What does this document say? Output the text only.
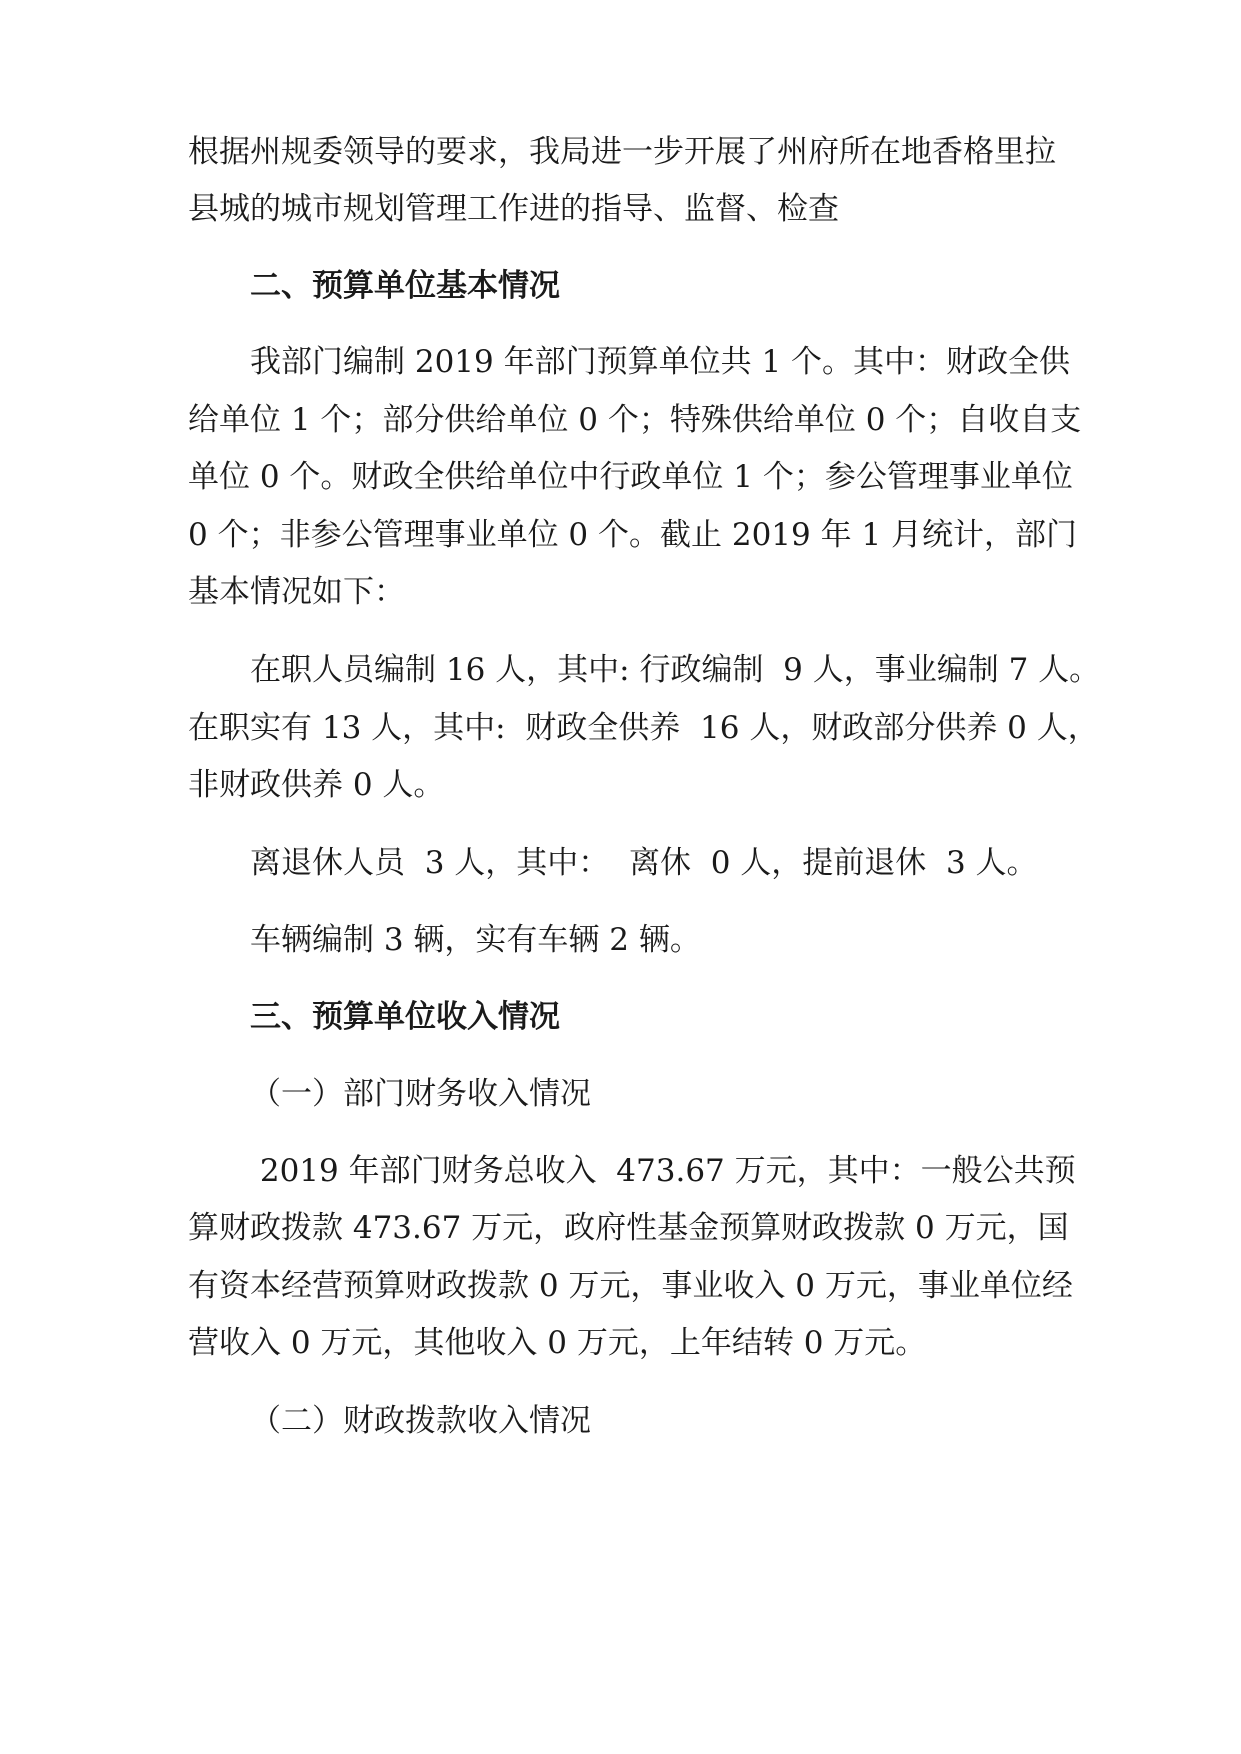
根据州规委领导的要求，我局进一步开展了州府所在地香格里拉
县城的城市规划管理工作进的指导、监督、检查
二、预算单位基本情况
我部门编制 2019 年部门预算单位共 1 个。其中：财政全供
给单位 1 个；部分供给单位 0 个；特殊供给单位 0 个；自收自支
单位 0 个。财政全供给单位中行政单位 1 个；参公管理事业单位
0 个；非参公管理事业单位 0 个。截止 2019 年 1 月统计，部门
基本情况如下：
在职人员编制 16 人，其中: 行政编制  9 人，事业编制 7 人。
在职实有 13 人，其中:  财政全供养  16 人，财政部分供养 0 人，
非财政供养 0 人。
离退休人员  3 人，其中：  离休  0 人，提前退休  3 人。
车辆编制 3 辆，实有车辆 2 辆。
三、预算单位收入情况
（一）部门财务收入情况
2019 年部门财务总收入  473.67 万元，其中：一般公共预
算财政拨款 473.67 万元，政府性基金预算财政拨款 0 万元，国
有资本经营预算财政拨款 0 万元，事业收入 0 万元，事业单位经
营收入 0 万元，其他收入 0 万元，上年结转 0 万元。
（二）财政拨款收入情况
